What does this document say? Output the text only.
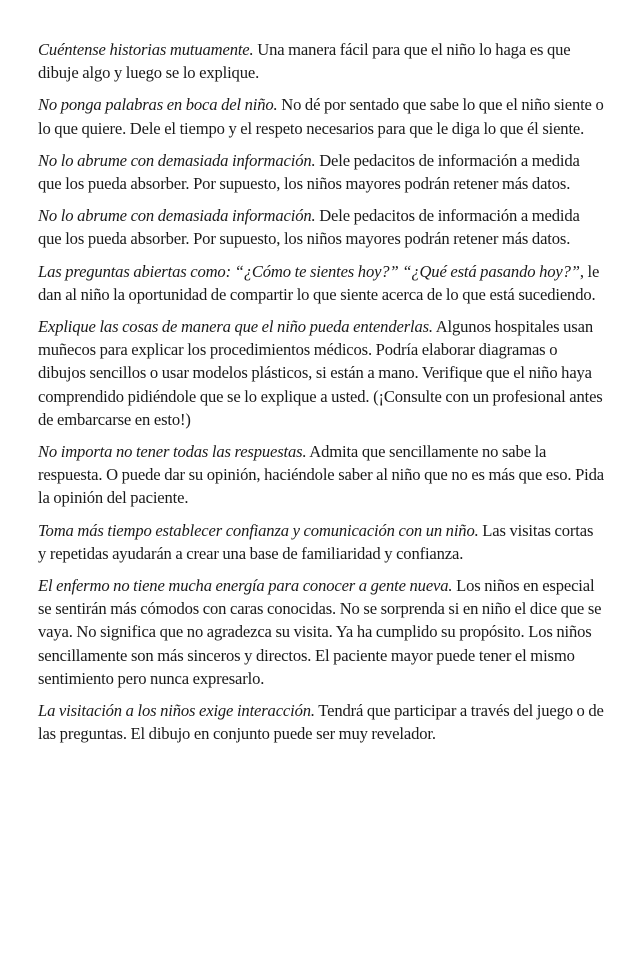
Cuéntense historias mutuamente. Una manera fácil para que el niño lo haga es que dibuje algo y luego se lo explique.

No ponga palabras en boca del niño. No dé por sentado que sabe lo que el niño siente o lo que quiere. Dele el tiempo y el respeto necesarios para que le diga lo que él siente.

No lo abrume con demasiada información. Dele pedacitos de información a medida que los pueda absorber. Por supuesto, los niños mayores podrán retener más datos.

No lo abrume con demasiada información. Dele pedacitos de información a medida que los pueda absorber. Por supuesto, los niños mayores podrán retener más datos.

Las preguntas abiertas como: “¿Cómo te sientes hoy?” “¿Qué está pasando hoy?”, le dan al niño la oportunidad de compartir lo que siente acerca de lo que está sucediendo.

Explique las cosas de manera que el niño pueda entenderlas. Algunos hospitales usan muñecos para explicar los procedimientos médicos. Podría elaborar diagramas o dibujos sencillos o usar modelos plásticos, si están a mano. Verifique que el niño haya comprendido pidiéndole que se lo explique a usted. (¡Consulte con un profesional antes de embarcarse en esto!)

No importa no tener todas las respuestas. Admita que sencillamente no sabe la respuesta. O puede dar su opinión, haciéndole saber al niño que no es más que eso. Pida la opinión del paciente.

Toma más tiempo establecer confianza y comunicación con un niño. Las visitas cortas y repetidas ayudarán a crear una base de familiaridad y confianza.

El enfermo no tiene mucha energía para conocer a gente nueva. Los niños en especial se sentirán más cómodos con caras conocidas. No se sorprenda si en niño el dice que se vaya. No significa que no agradezca su visita. Ya ha cumplido su propósito. Los niños sencillamente son más sinceros y directos. El paciente mayor puede tener el mismo sentimiento pero nunca expresarlo.

La visitación a los niños exige interacción. Tendrá que participar a través del juego o de las preguntas. El dibujo en conjunto puede ser muy revelador.
